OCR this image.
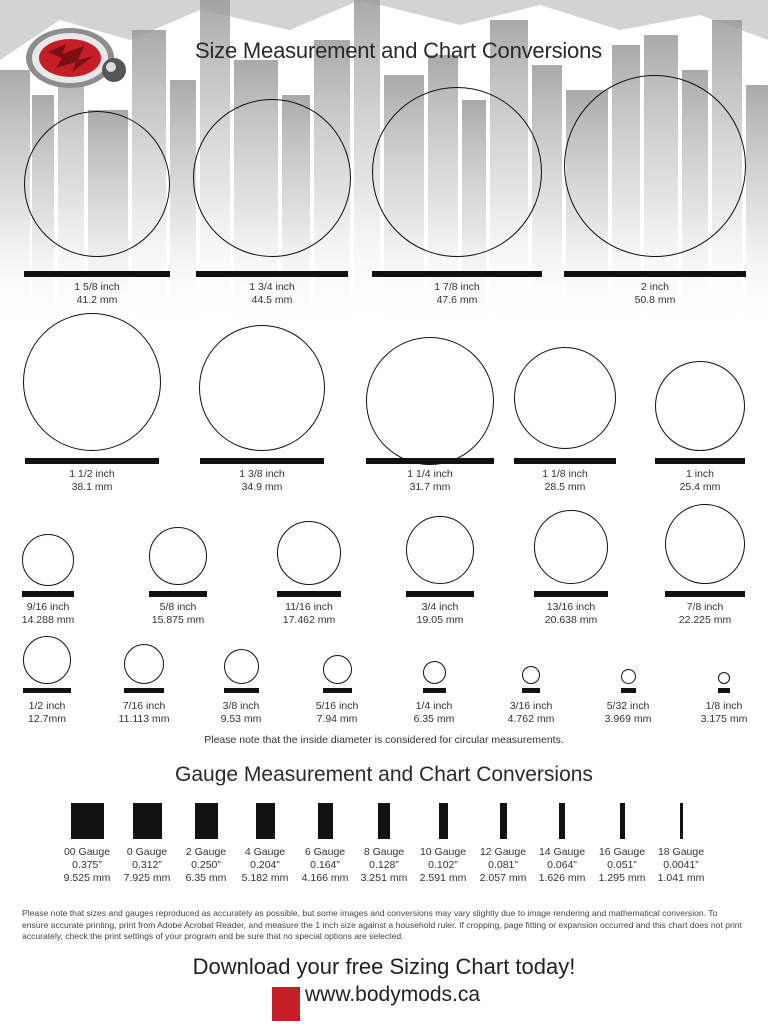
Size Measurement and Chart Conversions
1 5/8 inch
41.2 mm
1 3/4 inch
44.5 mm
1 7/8 inch
47.6 mm
2 inch
50.8 mm
1 1/2 inch
38.1 mm
1 3/8 inch
34.9 mm
1 1/4 inch
31.7 mm
1 1/8 inch
28.5 mm
1 inch
25.4 mm
9/16 inch
14.288 mm
5/8 inch
15.875 mm
11/16 inch
17.462 mm
3/4 inch
19.05 mm
13/16 inch
20.638 mm
7/8 inch
22.225 mm
1/2 inch
12.7mm
7/16 inch
11.113 mm
3/8 inch
9.53 mm
5/16 inch
7.94 mm
1/4 inch
6.35 mm
3/16 inch
4.762 mm
5/32 inch
3.969 mm
1/8 inch
3.175 mm
Please note that the inside diameter is considered for circular measurements.
Gauge Measurement and Chart Conversions
00 Gauge
0.375”
9.525 mm
0 Gauge
0.312”
7.925 mm
2 Gauge
0.250”
6.35 mm
4 Gauge
0.204”
5.182 mm
6 Gauge
0.164”
4.166 mm
8 Gauge
0.128”
3.251 mm
10 Gauge
0.102”
2.591 mm
12 Gauge
0.081”
2.057 mm
14 Gauge
0.064”
1.626 mm
16 Gauge
0.051”
1.295 mm
18 Gauge
0.0041”
1.041 mm
Please note that sizes and gauges reproduced as accurately as possible, but some images and conversions may vary slightly due to image rendering and mathematical conversion. To ensure accurate printing, print from Adobe Acrobat Reader, and measure the 1 inch size against a household ruler. If cropping, page fitting or expansion occurred and this chart does not print accurately, check the print settings of your program and be sure that no special options are selected.
Download your free Sizing Chart today!
www.bodymods.ca
